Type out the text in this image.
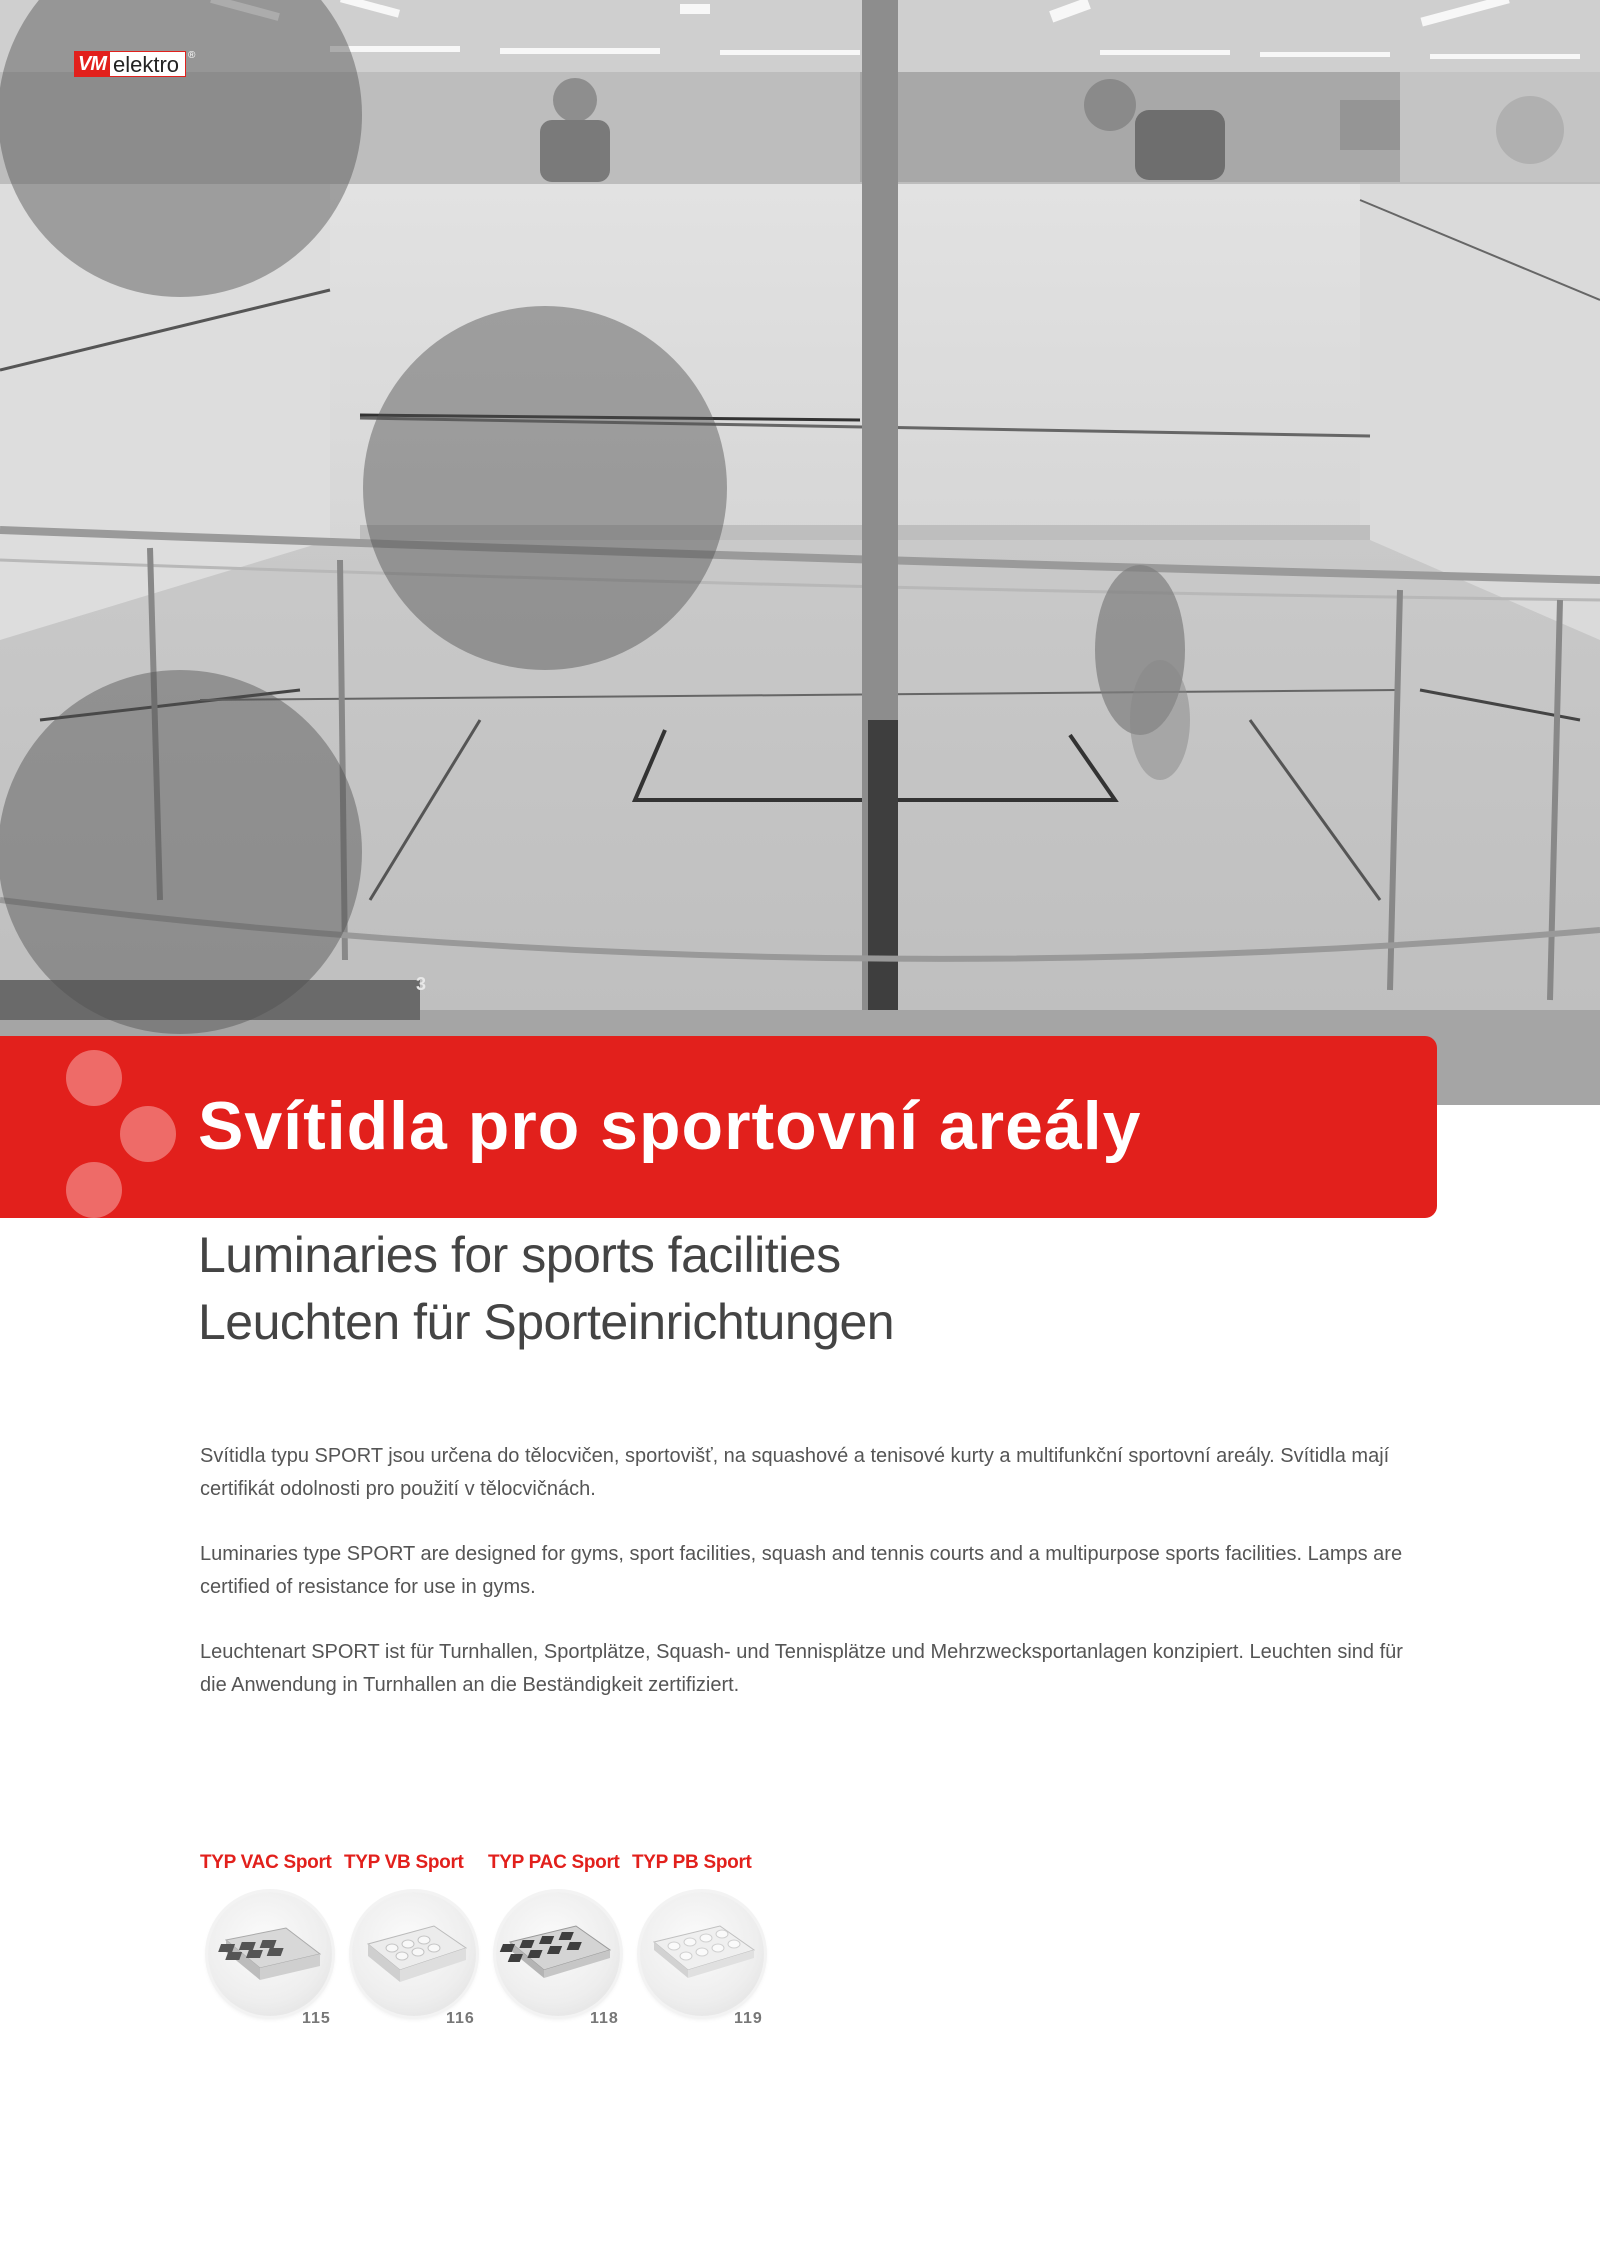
3
VM elektro ®
Svítidla pro sportovní areály
Luminaries for sports facilities
Leuchten für Sporteinrichtungen

Svítidla typu SPORT jsou určena do tělocvičen, sportovišť, na squashové a tenisové kurty a multifunkční sportovní areály. Svítidla mají certifikát odolnosti pro použití v tělocvičnách.

Luminaries type SPORT are designed for gyms, sport facilities, squash and tennis courts and a multipurpose sports facilities. Lamps are certified of resistance for use in gyms.

Leuchtenart SPORT ist für Turnhallen, Sportplätze, Squash- und Tennisplätze und Mehrzwecksportanlagen konzipiert. Leuchten sind für die Anwendung in Turnhallen an die Beständigkeit zertifiziert.

TYP VAC Sport
115
TYP VB Sport
116
TYP PAC Sport
118
TYP PB Sport
119
